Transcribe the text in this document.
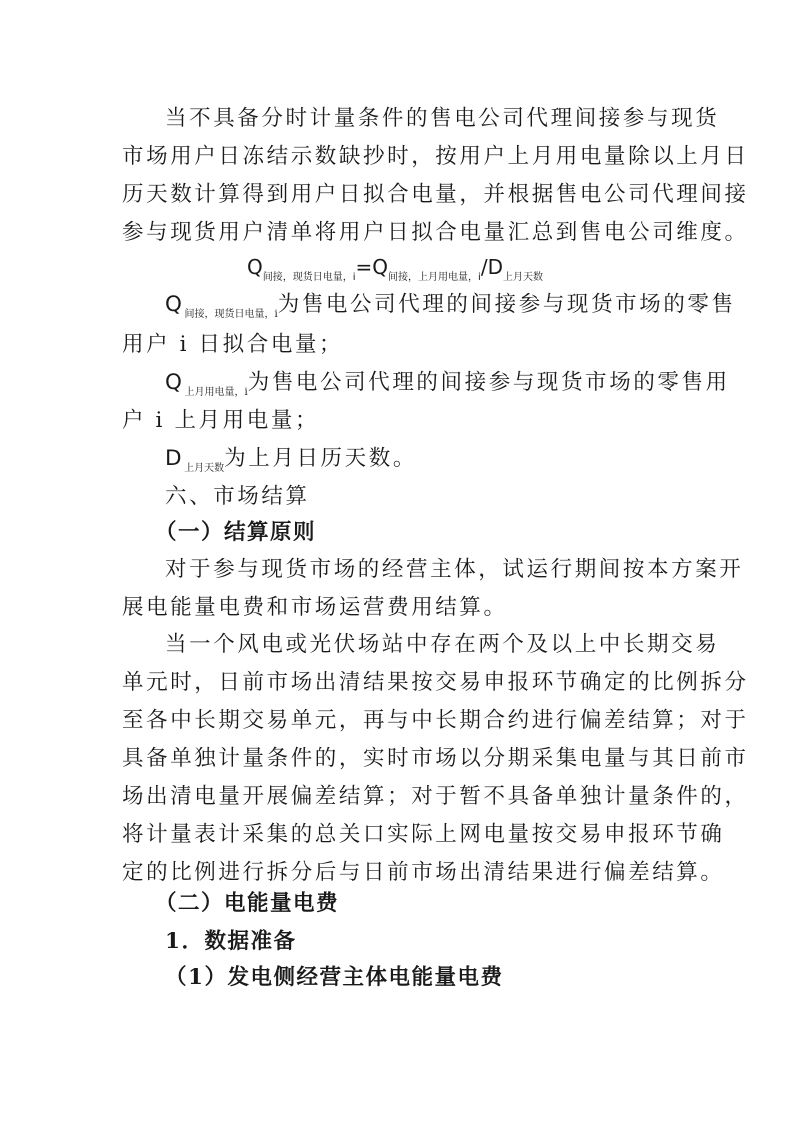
当不具备分时计量条件的售电公司代理间接参与现货
市场用户日冻结示数缺抄时，按用户上月用电量除以上月日
历天数计算得到用户日拟合电量，并根据售电公司代理间接
参与现货用户清单将用户日拟合电量汇总到售电公司维度。
$Q_{间接,现货日电量,i}=Q_{间接,上月用电量,i}/D_{上月天数}$
$Q_{间接,现货日电量,i}$为售电公司代理的间接参与现货市场的零售
用户 i 日拟合电量；
$Q_{上月用电量,i}$为售电公司代理的间接参与现货市场的零售用
户 i 上月用电量；
$D_{上月天数}$为上月日历天数。
六、市场结算
（一）结算原则
对于参与现货市场的经营主体，试运行期间按本方案开
展电能量电费和市场运营费用结算。
当一个风电或光伏场站中存在两个及以上中长期交易
单元时，日前市场出清结果按交易申报环节确定的比例拆分
至各中长期交易单元，再与中长期合约进行偏差结算；对于
具备单独计量条件的，实时市场以分期采集电量与其日前市
场出清电量开展偏差结算；对于暂不具备单独计量条件的，
将计量表计采集的总关口实际上网电量按交易申报环节确
定的比例进行拆分后与日前市场出清结果进行偏差结算。
（二）电能量电费
1．数据准备
（1）发电侧经营主体电能量电费
